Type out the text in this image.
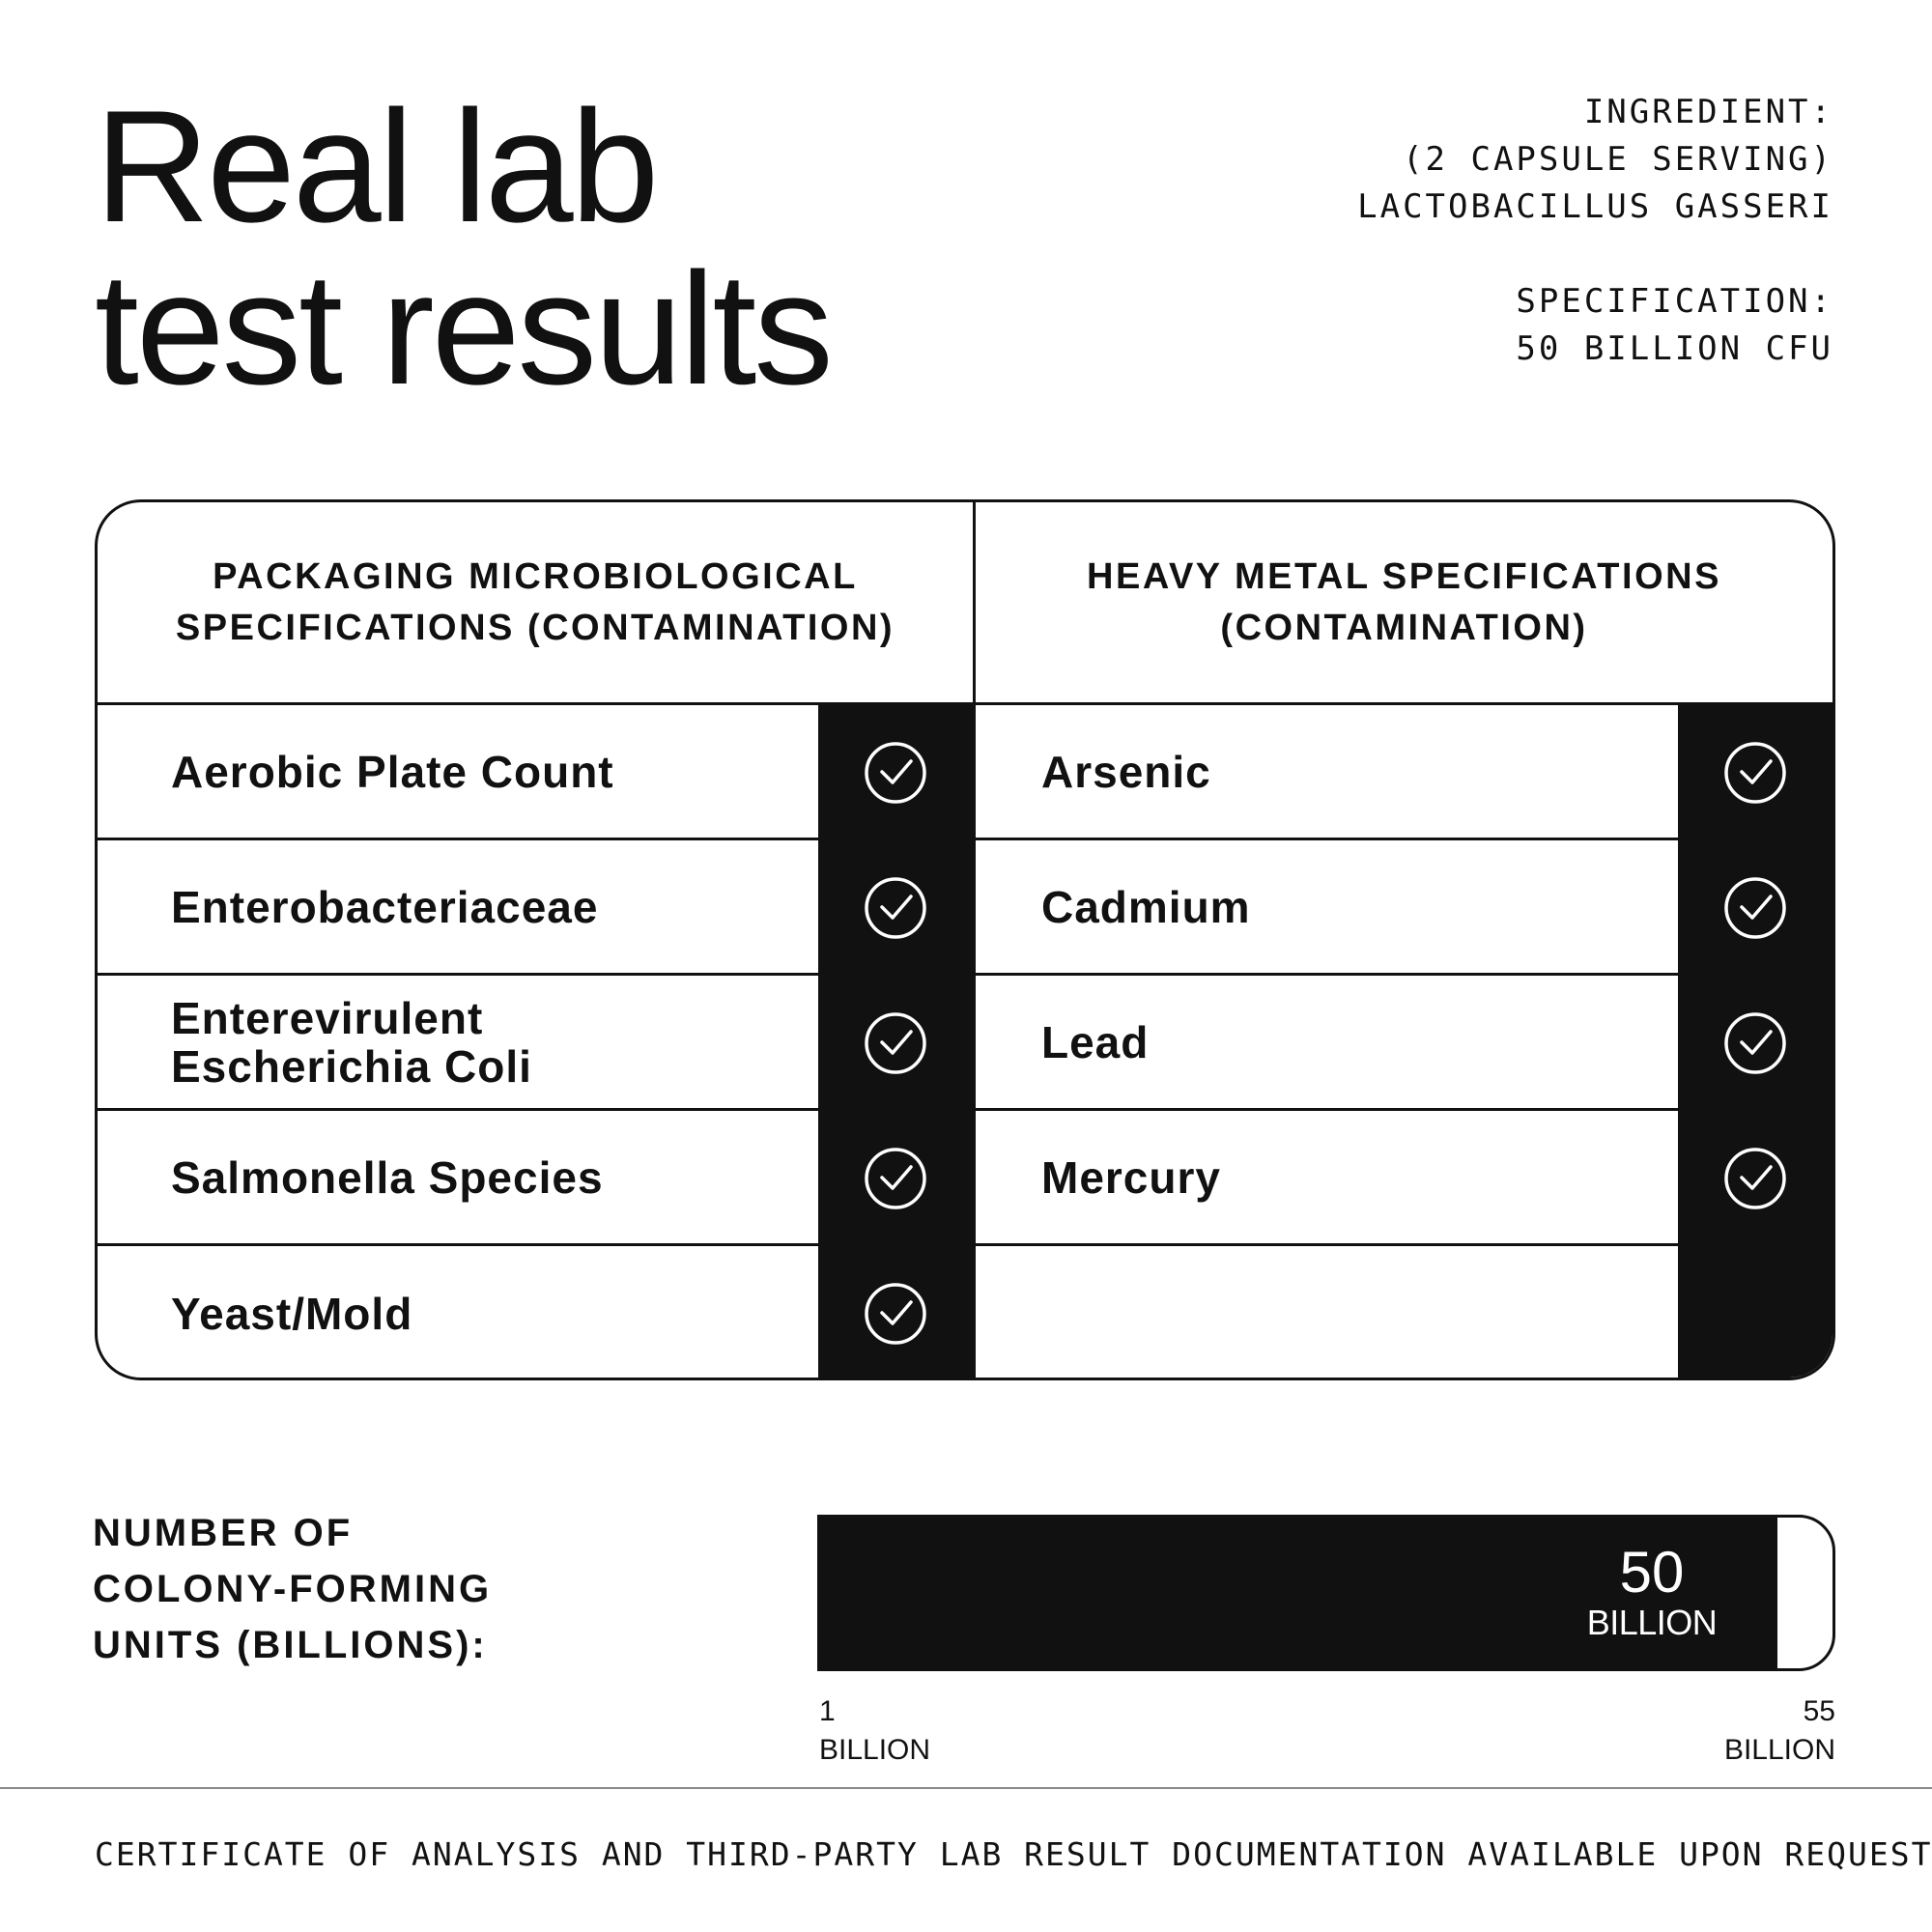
Real lab
test results
INGREDIENT:
(2 CAPSULE SERVING)
LACTOBACILLUS GASSERI
SPECIFICATION:
50 BILLION CFU
PACKAGING MICROBIOLOGICAL SPECIFICATIONS (CONTAMINATION)
Aerobic Plate Count
Enterobacteriaceae
Enterevirulent
Escherichia Coli
Salmonella Species
Yeast/Mold
HEAVY METAL SPECIFICATIONS (CONTAMINATION)
Arsenic
Cadmium
Lead
Mercury
NUMBER OF
COLONY-FORMING
UNITS (BILLIONS):
50
BILLION
1
BILLION
55
BILLION
CERTIFICATE OF ANALYSIS AND THIRD-PARTY LAB RESULT DOCUMENTATION AVAILABLE UPON REQUEST
